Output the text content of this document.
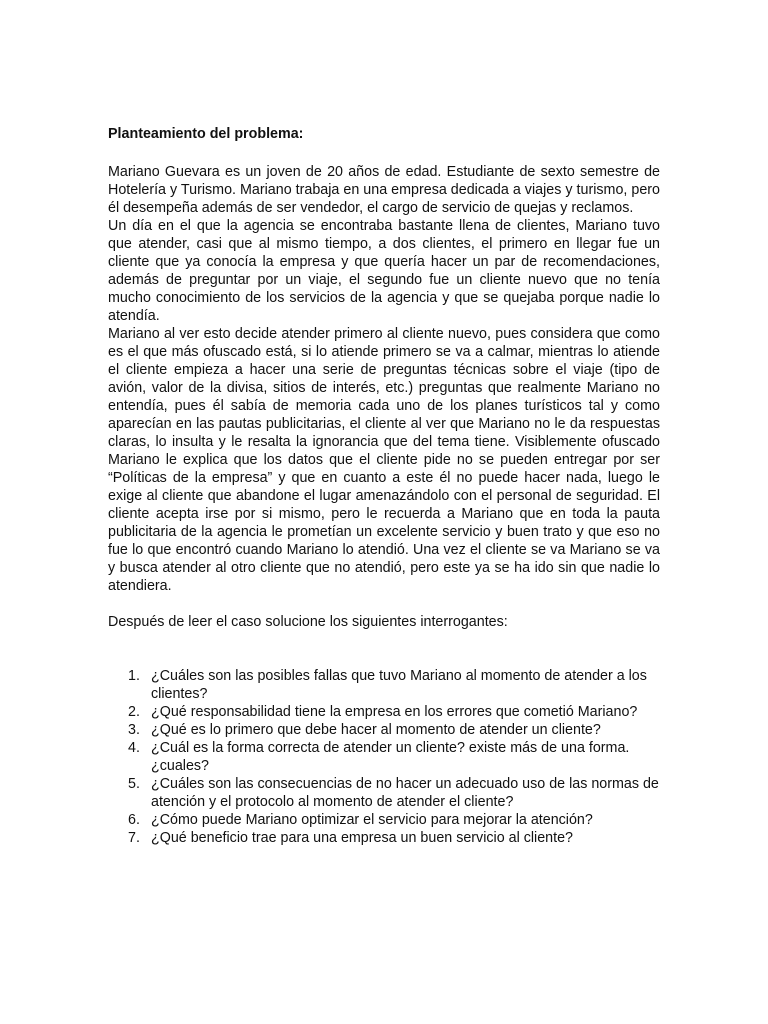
Planteamiento del problema:

Mariano Guevara es un joven de 20 años de edad. Estudiante de sexto semestre de Hotelería y Turismo. Mariano trabaja en una empresa dedicada a viajes y turismo, pero él desempeña además de ser vendedor, el cargo de servicio de quejas y reclamos.

Un día en el que la agencia se encontraba bastante llena de clientes, Mariano tuvo que atender, casi que al mismo tiempo, a dos clientes, el primero en llegar fue un cliente que ya conocía la empresa y que quería hacer un par de recomendaciones, además de preguntar por un viaje, el segundo fue un cliente nuevo que no tenía mucho conocimiento de los servicios de la agencia y que se quejaba porque nadie lo atendía.

Mariano al ver esto decide atender primero al cliente nuevo, pues considera que como es el que más ofuscado está, si lo atiende primero se va a calmar, mientras lo atiende el cliente empieza a hacer una serie de preguntas técnicas sobre el viaje (tipo de avión, valor de la divisa, sitios de interés, etc.) preguntas que realmente Mariano no entendía, pues él sabía de memoria cada uno de los planes turísticos tal y como aparecían en las pautas publicitarias, el cliente al ver que Mariano no le da respuestas claras, lo insulta y le resalta la ignorancia que del tema tiene. Visiblemente ofuscado Mariano le explica que los datos que el cliente pide no se pueden entregar por ser “Políticas de la empresa” y que en cuanto a este él no puede hacer nada, luego le exige al cliente que abandone el lugar amenazándolo con el personal de seguridad. El cliente acepta irse por si mismo, pero le recuerda a Mariano que en toda la pauta publicitaria de la agencia le prometían un excelente servicio y buen trato y que eso no fue lo que encontró cuando Mariano lo atendió. Una vez el cliente se va Mariano se va y busca atender al otro cliente que no atendió, pero este ya se ha ido sin que nadie lo atendiera.

Después de leer el caso solucione los siguientes interrogantes:

1. ¿Cuáles son las posibles fallas que tuvo Mariano al momento de atender a los clientes?
2. ¿Qué responsabilidad tiene la empresa en los errores que cometió Mariano?
3. ¿Qué es lo primero que debe hacer al momento de atender un cliente?
4. ¿Cuál es la forma correcta de atender un cliente? existe más de una forma. ¿cuales?
5. ¿Cuáles son las consecuencias de no hacer un adecuado uso de las normas de atención y el protocolo al momento de atender el cliente?
6. ¿Cómo puede Mariano optimizar el servicio para mejorar la atención?
7. ¿Qué beneficio trae para una empresa un buen servicio al cliente?
